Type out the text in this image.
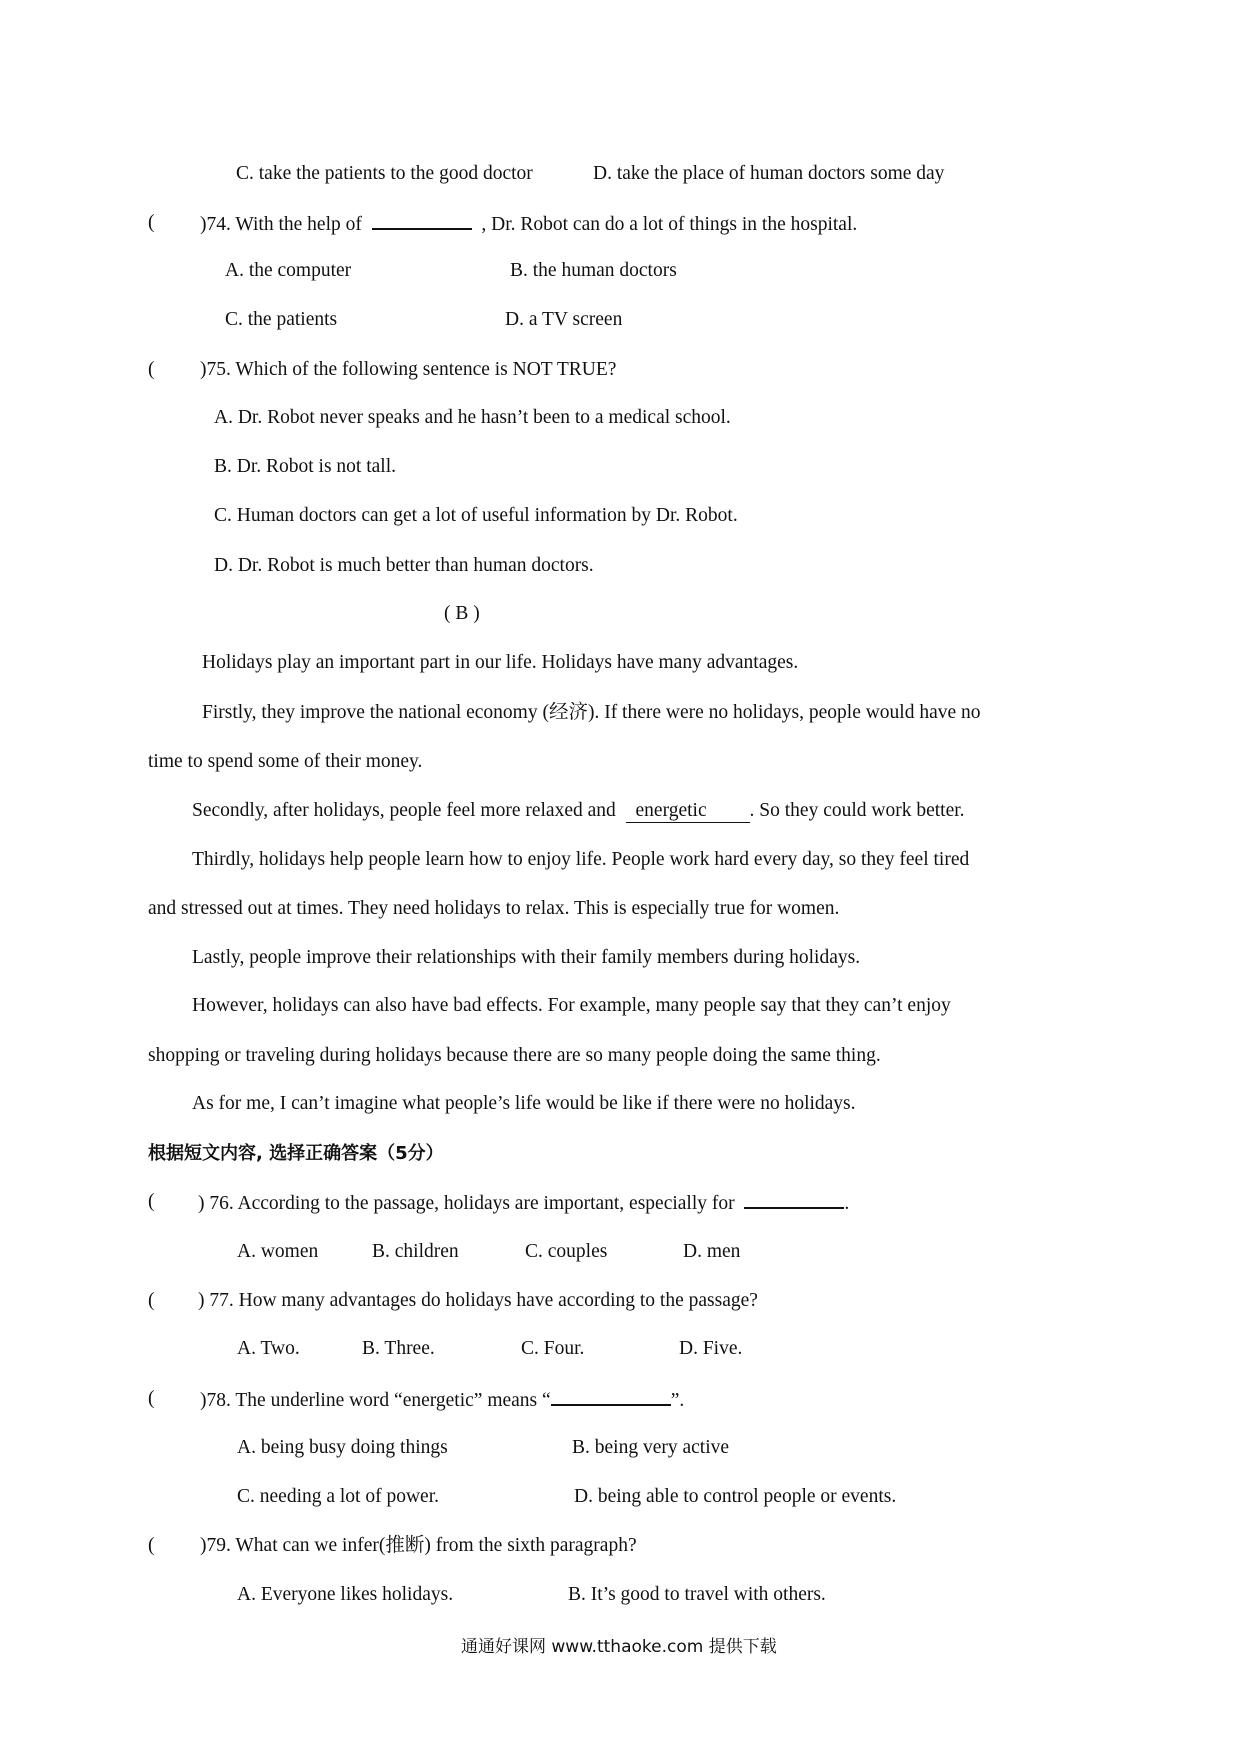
C. take the patients to the good doctor	D. take the place of human doctors some day
( )74. With the help of	, Dr. Robot can do a lot of things in the hospital.
A. the computer	B. the human doctors
C. the patients	D. a TV screen
( )75. Which of the following sentence is NOT TRUE?
A. Dr. Robot never speaks and he hasn’t been to a medical school.
B. Dr. Robot is not tall.
C. Human doctors can get a lot of useful information by Dr. Robot.
D. Dr. Robot is much better than human doctors.
( B )
Holidays play an important part in our life. Holidays have many advantages.
Firstly, they improve the national economy (经济). If there were no holidays, people would have no
time to spend some of their money.
Secondly, after holidays, people feel more relaxed and energetic . So they could work better.
Thirdly, holidays help people learn how to enjoy life. People work hard every day, so they feel tired
and stressed out at times. They need holidays to relax. This is especially true for women.
Lastly, people improve their relationships with their family members during holidays.
However, holidays can also have bad effects. For example, many people say that they can’t enjoy
shopping or traveling during holidays because there are so many people doing the same thing.
As for me, I can’t imagine what people’s life would be like if there were no holidays.
根据短文内容, 选择正确答案（5分）
( ) 76. According to the passage, holidays are important, especially for	.
A. women	B. children	C. couples	D. men
( ) 77. How many advantages do holidays have according to the passage?
A. Two.	B. Three.	C. Four.	D. Five.
( )78. The underline word “energetic” means “	”.
A. being busy doing things	B. being very active
C. needing a lot of power.	D. being able to control people or events.
( )79. What can we infer(推断) from the sixth paragraph?
A. Everyone likes holidays.	B. It’s good to travel with others.
通通好课网 www.tthaoke.com 提供下载
